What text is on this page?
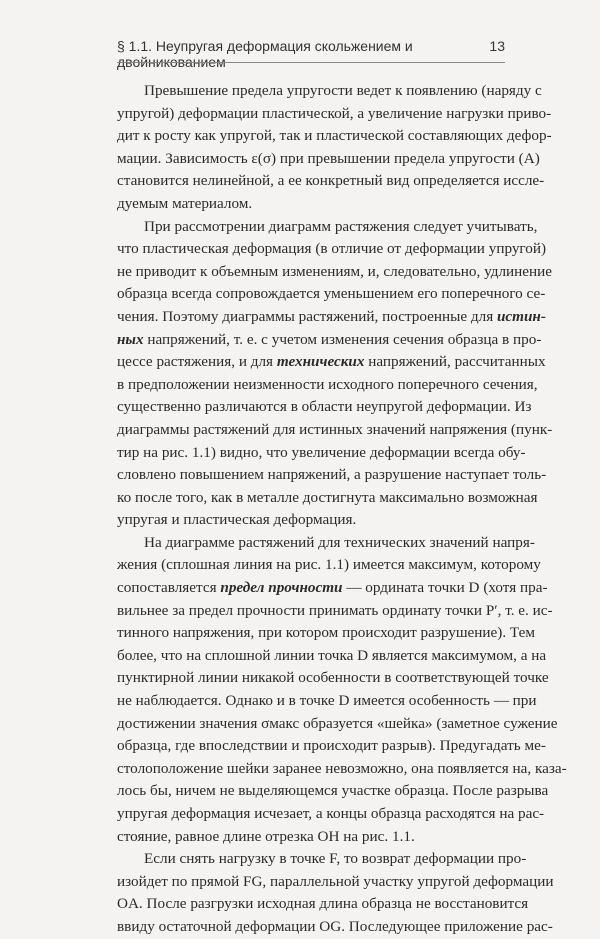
§ 1.1. Неупругая деформация скольжением и двойникованием
13

Превышение предела упругости ведет к появлению (наряду с
упругой) деформации пластической, а увеличение нагрузки приво-
дит к росту как упругой, так и пластической составляющих дефор-
мации. Зависимость ε(σ) при превышении предела упругости (A)
становится нелинейной, а ее конкретный вид определяется иссле-
дуемым материалом.

При рассмотрении диаграмм растяжения следует учитывать,
что пластическая деформация (в отличие от деформации упругой)
не приводит к объемным изменениям, и, следовательно, удлинение
образца всегда сопровождается уменьшением его поперечного се-
чения. Поэтому диаграммы растяжений, построенные для истин-
ных напряжений, т. е. с учетом изменения сечения образца в про-
цессе растяжения, и для технических напряжений, рассчитанных
в предположении неизменности исходного поперечного сечения,
существенно различаются в области неупругой деформации. Из
диаграммы растяжений для истинных значений напряжения (пунк-
тир на рис. 1.1) видно, что увеличение деформации всегда обу-
словлено повышением напряжений, а разрушение наступает толь-
ко после того, как в металле достигнута максимально возможная
упругая и пластическая деформация.

На диаграмме растяжений для технических значений напря-
жения (сплошная линия на рис. 1.1) имеется максимум, которому
сопоставляется предел прочности — ордината точки D (хотя пра-
вильнее за предел прочности принимать ординату точки P′, т. е. ис-
тинного напряжения, при котором происходит разрушение). Тем
более, что на сплошной линии точка D является максимумом, а на
пунктирной линии никакой особенности в соответствующей точке
не наблюдается. Однако и в точке D имеется особенность — при
достижении значения σмакс образуется «шейка» (заметное сужение
образца, где впоследствии и происходит разрыв). Предугадать ме-
столоположение шейки заранее невозможно, она появляется на, каза-
лось бы, ничем не выделяющемся участке образца. После разрыва
упругая деформация исчезает, а концы образца расходятся на рас-
стояние, равное длине отрезка OH на рис. 1.1.

Если снять нагрузку в точке F, то возврат деформации про-
изойдет по прямой FG, параллельной участку упругой деформации
OA. После разгрузки исходная длина образца не восстановится
ввиду остаточной деформации OG. Последующее приложение рас-
